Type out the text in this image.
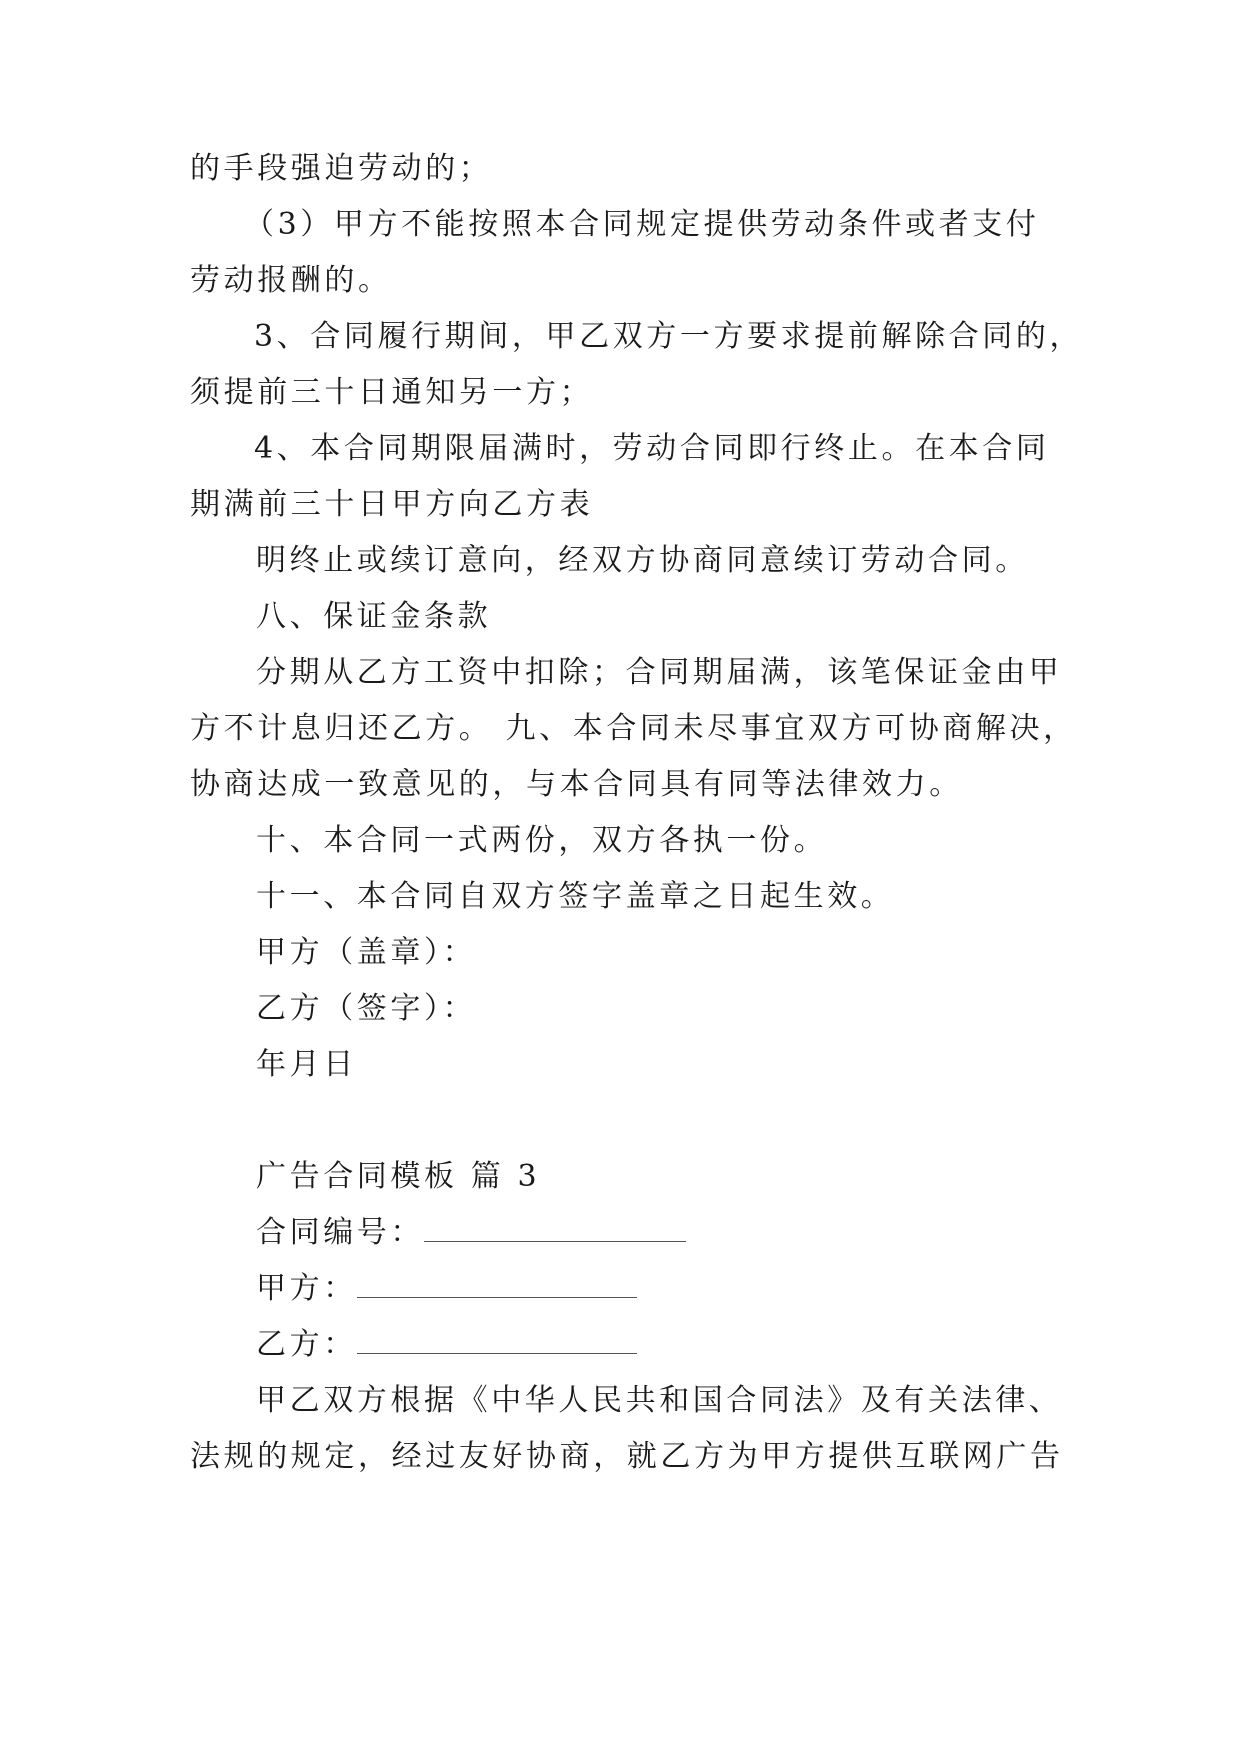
的手段强迫劳动的；
（3）甲方不能按照本合同规定提供劳动条件或者支付
劳动报酬的。
3、合同履行期间，甲乙双方一方要求提前解除合同的，
须提前三十日通知另一方；
4、本合同期限届满时，劳动合同即行终止。在本合同
期满前三十日甲方向乙方表
明终止或续订意向，经双方协商同意续订劳动合同。
八、保证金条款
分期从乙方工资中扣除；合同期届满，该笔保证金由甲
方不计息归还乙方。 九、本合同未尽事宜双方可协商解决，
协商达成一致意见的，与本合同具有同等法律效力。
十、本合同一式两份，双方各执一份。
十一、本合同自双方签字盖章之日起生效。
甲方（盖章）：
乙方（签字）：
年月日
广告合同模板 篇 3
合同编号：
甲方：
乙方：
甲乙双方根据《中华人民共和国合同法》及有关法律、
法规的规定，经过友好协商，就乙方为甲方提供互联网广告
